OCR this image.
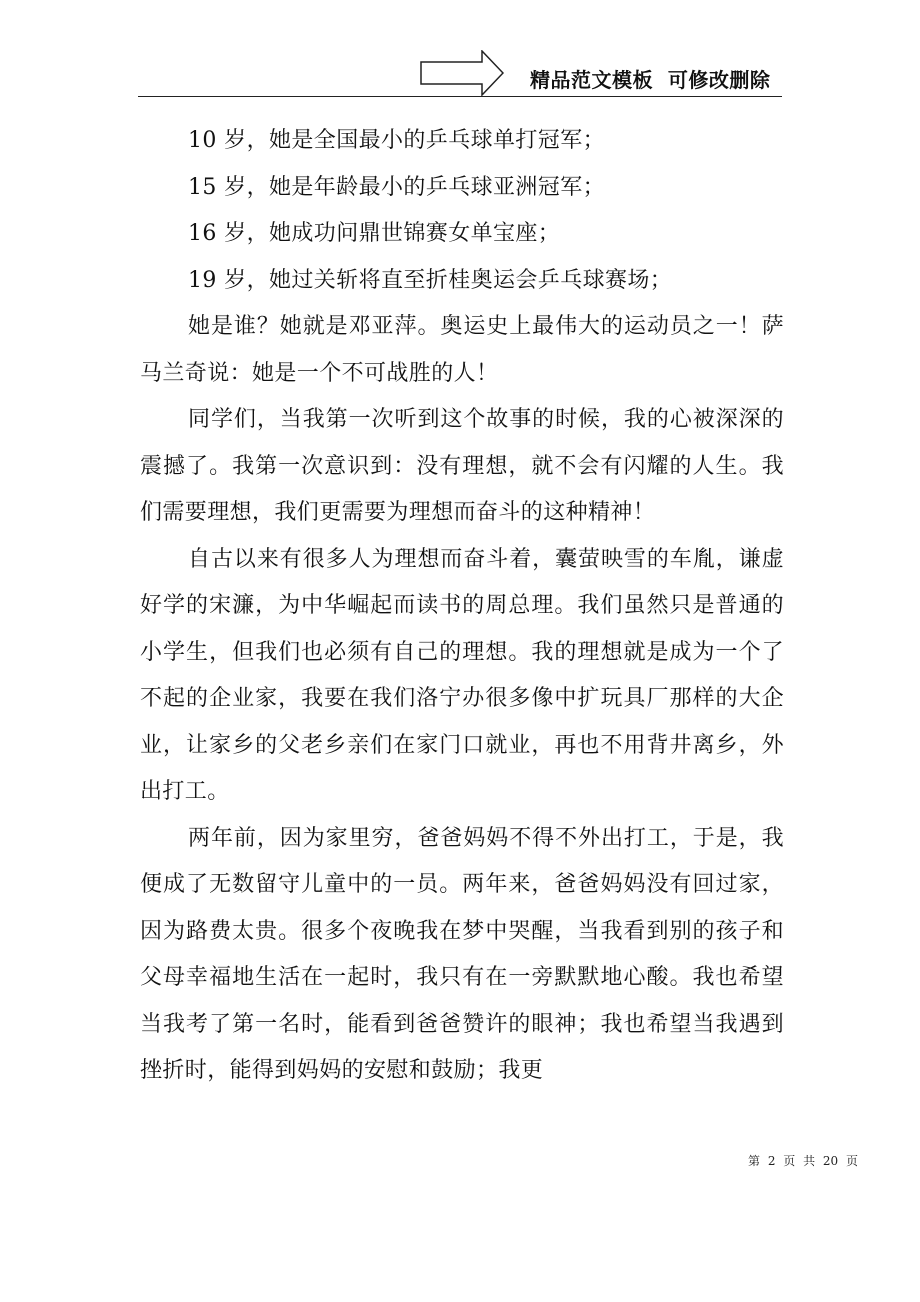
精品范文模板  可修改删除

10 岁，她是全国最小的乒乓球单打冠军；

15 岁，她是年龄最小的乒乓球亚洲冠军；

16 岁，她成功问鼎世锦赛女单宝座；

19 岁，她过关斩将直至折桂奥运会乒乓球赛场；

她是谁？她就是邓亚萍。奥运史上最伟大的运动员之一！萨马兰奇说：她是一个不可战胜的人！

同学们，当我第一次听到这个故事的时候，我的心被深深的震撼了。我第一次意识到：没有理想，就不会有闪耀的人生。我们需要理想，我们更需要为理想而奋斗的这种精神！

自古以来有很多人为理想而奋斗着，囊萤映雪的车胤，谦虚好学的宋濂，为中华崛起而读书的周总理。我们虽然只是普通的小学生，但我们也必须有自己的理想。我的理想就是成为一个了不起的企业家，我要在我们洛宁办很多像中扩玩具厂那样的大企业，让家乡的父老乡亲们在家门口就业，再也不用背井离乡，外出打工。

两年前，因为家里穷，爸爸妈妈不得不外出打工，于是，我便成了无数留守儿童中的一员。两年来，爸爸妈妈没有回过家，因为路费太贵。很多个夜晚我在梦中哭醒，当我看到别的孩子和父母幸福地生活在一起时，我只有在一旁默默地心酸。我也希望当我考了第一名时，能看到爸爸赞许的眼神；我也希望当我遇到挫折时，能得到妈妈的安慰和鼓励；我更

第 2 页 共 20 页
